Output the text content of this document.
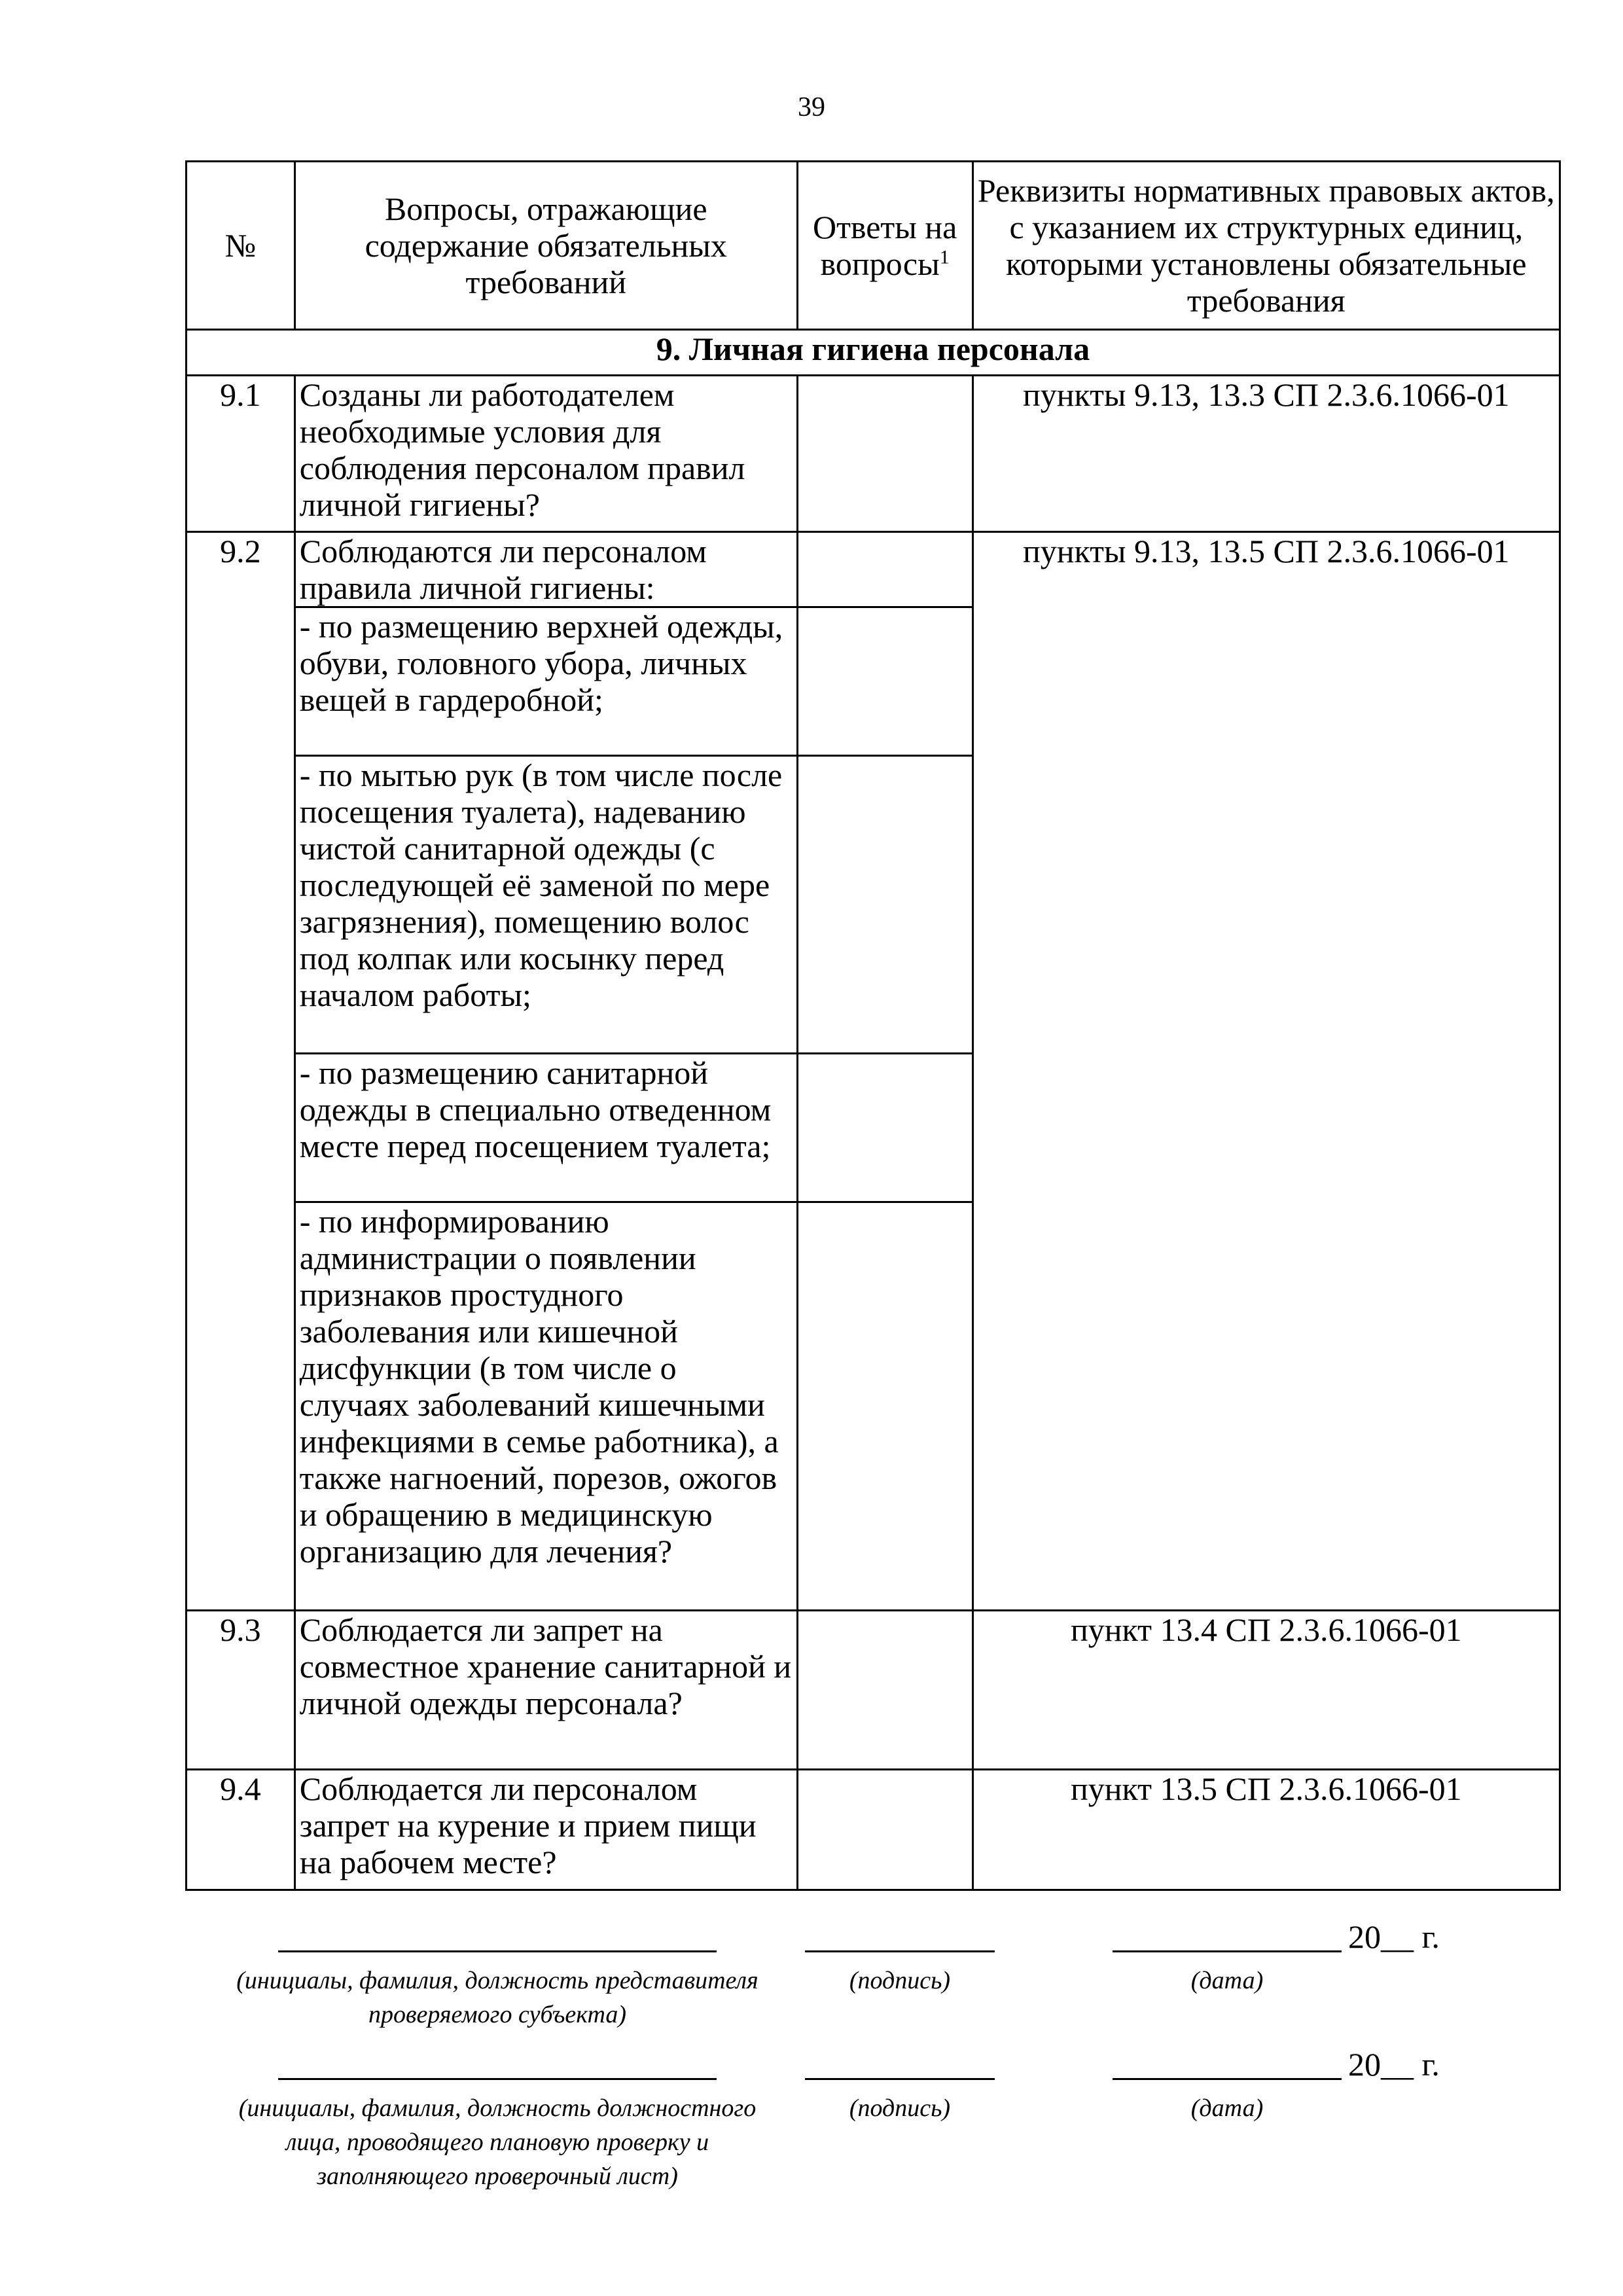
39
№	Вопросы, отражающие содержание обязательных требований	Ответы на вопросы$^1$	Реквизиты нормативных правовых актов, с указанием их структурных единиц, которыми установлены обязательные требования
9. Личная гигиена персонала			
9.1	Созданы ли работодателем необходимые условия для соблюдения персоналом правил личной гигиены?		пункты 9.13, 13.3 СП 2.3.6.1066-01
9.2	Соблюдаются ли персоналом правила личной гигиены:		пункты 9.13, 13.5 СП 2.3.6.1066-01
	- по размещению верхней одежды, обуви, головного убора, личных вещей в гардеробной;		
	- по мытью рук (в том числе после посещения туалета), надеванию чистой санитарной одежды (с последующей её заменой по мере загрязнения), помещению волос под колпак или косынку перед началом работы;		
	- по размещению санитарной одежды в специально отведенном месте перед посещением туалета;		
	- по информированию администрации о появлении признаков простудного заболевания или кишечной дисфункции (в том числе о случаях заболеваний кишечными инфекциями в семье работника), а также нагноений, порезов, ожогов и обращению в медицинскую организацию для лечения?		
9.3	Соблюдается ли запрет на совместное хранение санитарной и личной одежды персонала?		пункт 13.4 СП 2.3.6.1066-01
9.4	Соблюдается ли персоналом запрет на курение и прием пищи на рабочем месте?		пункт 13.5 СП 2.3.6.1066-01
20__ г.
(инициалы, фамилия, должность представителя проверяемого субъекта)
(подпись)	(дата)
20__ г.
(инициалы, фамилия, должность должностного лица, проводящего плановую проверку и заполняющего проверочный лист)
(подпись)	(дата)
